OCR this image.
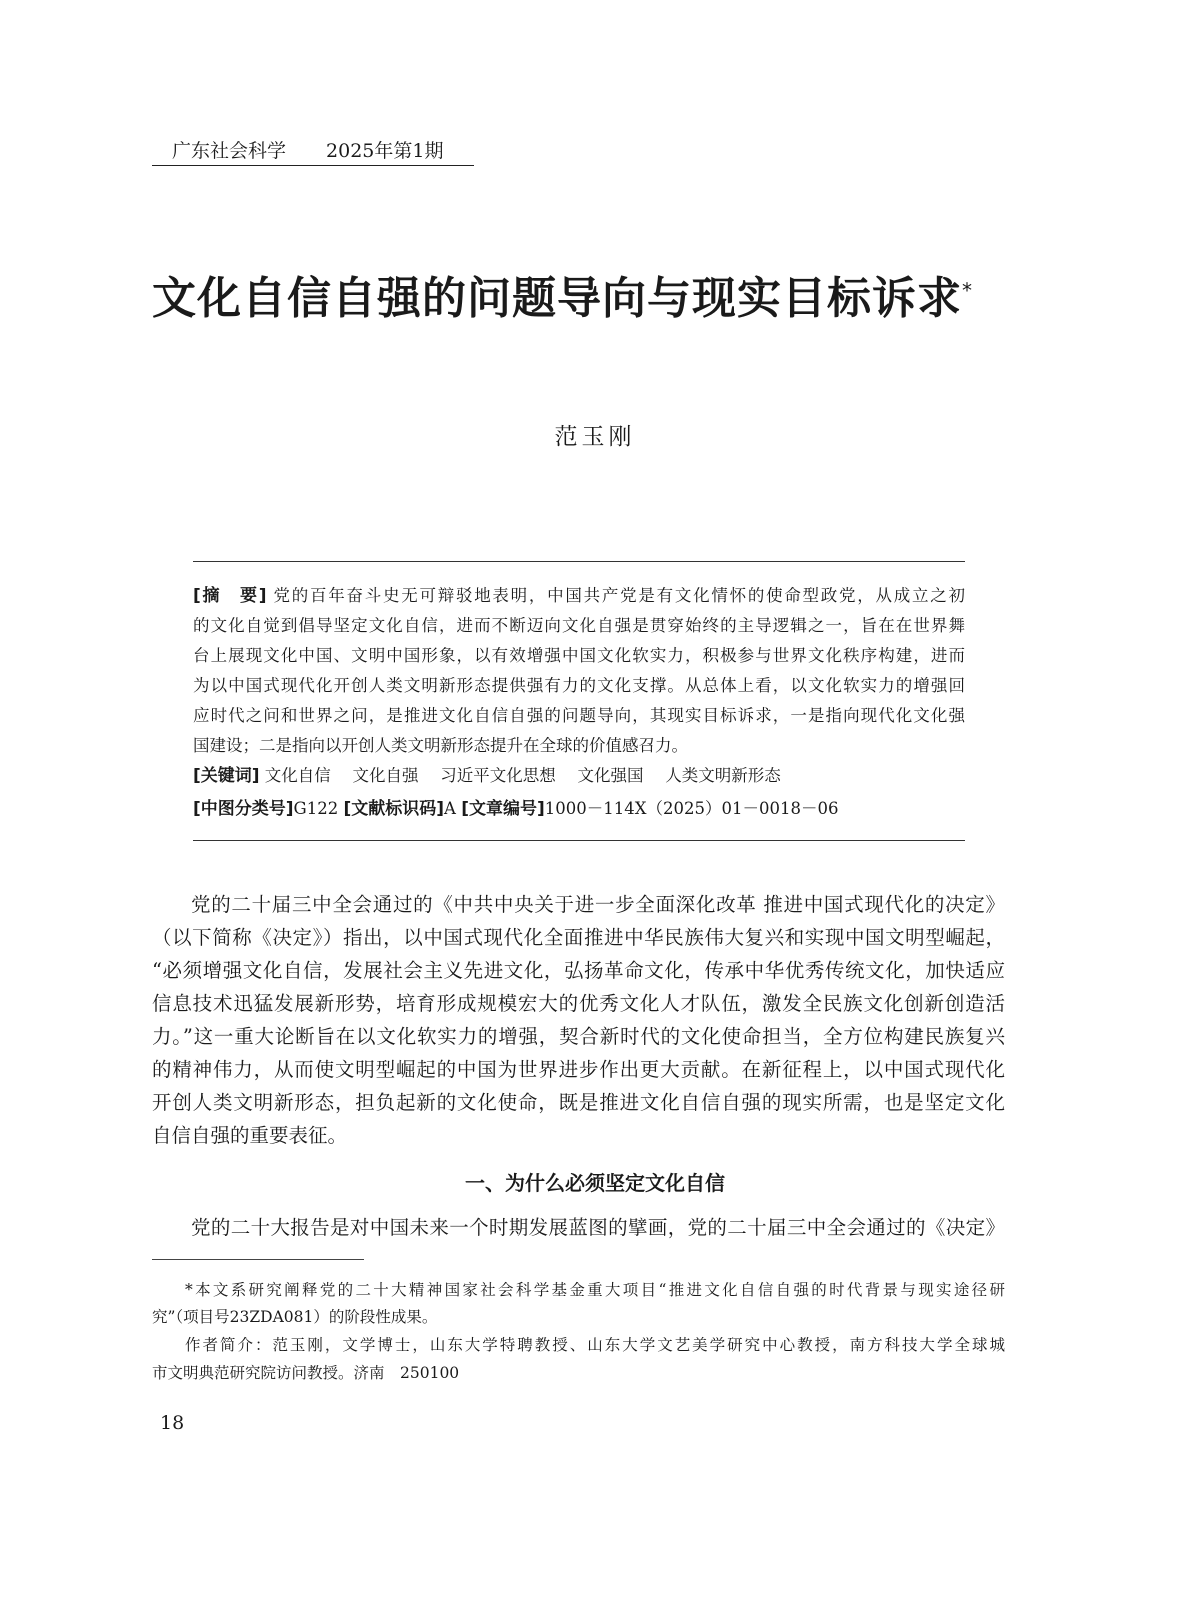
广东社会科学 2025年第1期
文化自信自强的问题导向与现实目标诉求*
范玉刚
[摘　要] 党的百年奋斗史无可辩驳地表明，中国共产党是有文化情怀的使命型政党，从成立之初
的文化自觉到倡导坚定文化自信，进而不断迈向文化自强是贯穿始终的主导逻辑之一，旨在在世界舞
台上展现文化中国、文明中国形象，以有效增强中国文化软实力，积极参与世界文化秩序构建，进而
为以中国式现代化开创人类文明新形态提供强有力的文化支撑。从总体上看，以文化软实力的增强回
应时代之问和世界之问，是推进文化自信自强的问题导向，其现实目标诉求，一是指向现代化文化强
国建设；二是指向以开创人类文明新形态提升在全球的价值感召力。
[关键词] 文化自信　 文化自强　 习近平文化思想　 文化强国　 人类文明新形态
[中图分类号]G122 [文献标识码]A [文章编号]1000－114X（2025）01－0018－06
党的二十届三中全会通过的《中共中央关于进一步全面深化改革 推进中国式现代化的决定》
（以下简称《决定》）指出，以中国式现代化全面推进中华民族伟大复兴和实现中国文明型崛起，
“必须增强文化自信，发展社会主义先进文化，弘扬革命文化，传承中华优秀传统文化，加快适应
信息技术迅猛发展新形势，培育形成规模宏大的优秀文化人才队伍，激发全民族文化创新创造活
力。”这一重大论断旨在以文化软实力的增强，契合新时代的文化使命担当，全方位构建民族复兴
的精神伟力，从而使文明型崛起的中国为世界进步作出更大贡献。在新征程上，以中国式现代化
开创人类文明新形态，担负起新的文化使命，既是推进文化自信自强的现实所需，也是坚定文化
自信自强的重要表征。
一、为什么必须坚定文化自信
党的二十大报告是对中国未来一个时期发展蓝图的擘画，党的二十届三中全会通过的《决定》
*本文系研究阐释党的二十大精神国家社会科学基金重大项目“推进文化自信自强的时代背景与现实途径研
究”（项目号23ZDA081）的阶段性成果。
作者简介：范玉刚，文学博士，山东大学特聘教授、山东大学文艺美学研究中心教授，南方科技大学全球城
市文明典范研究院访问教授。济南　250100
18
